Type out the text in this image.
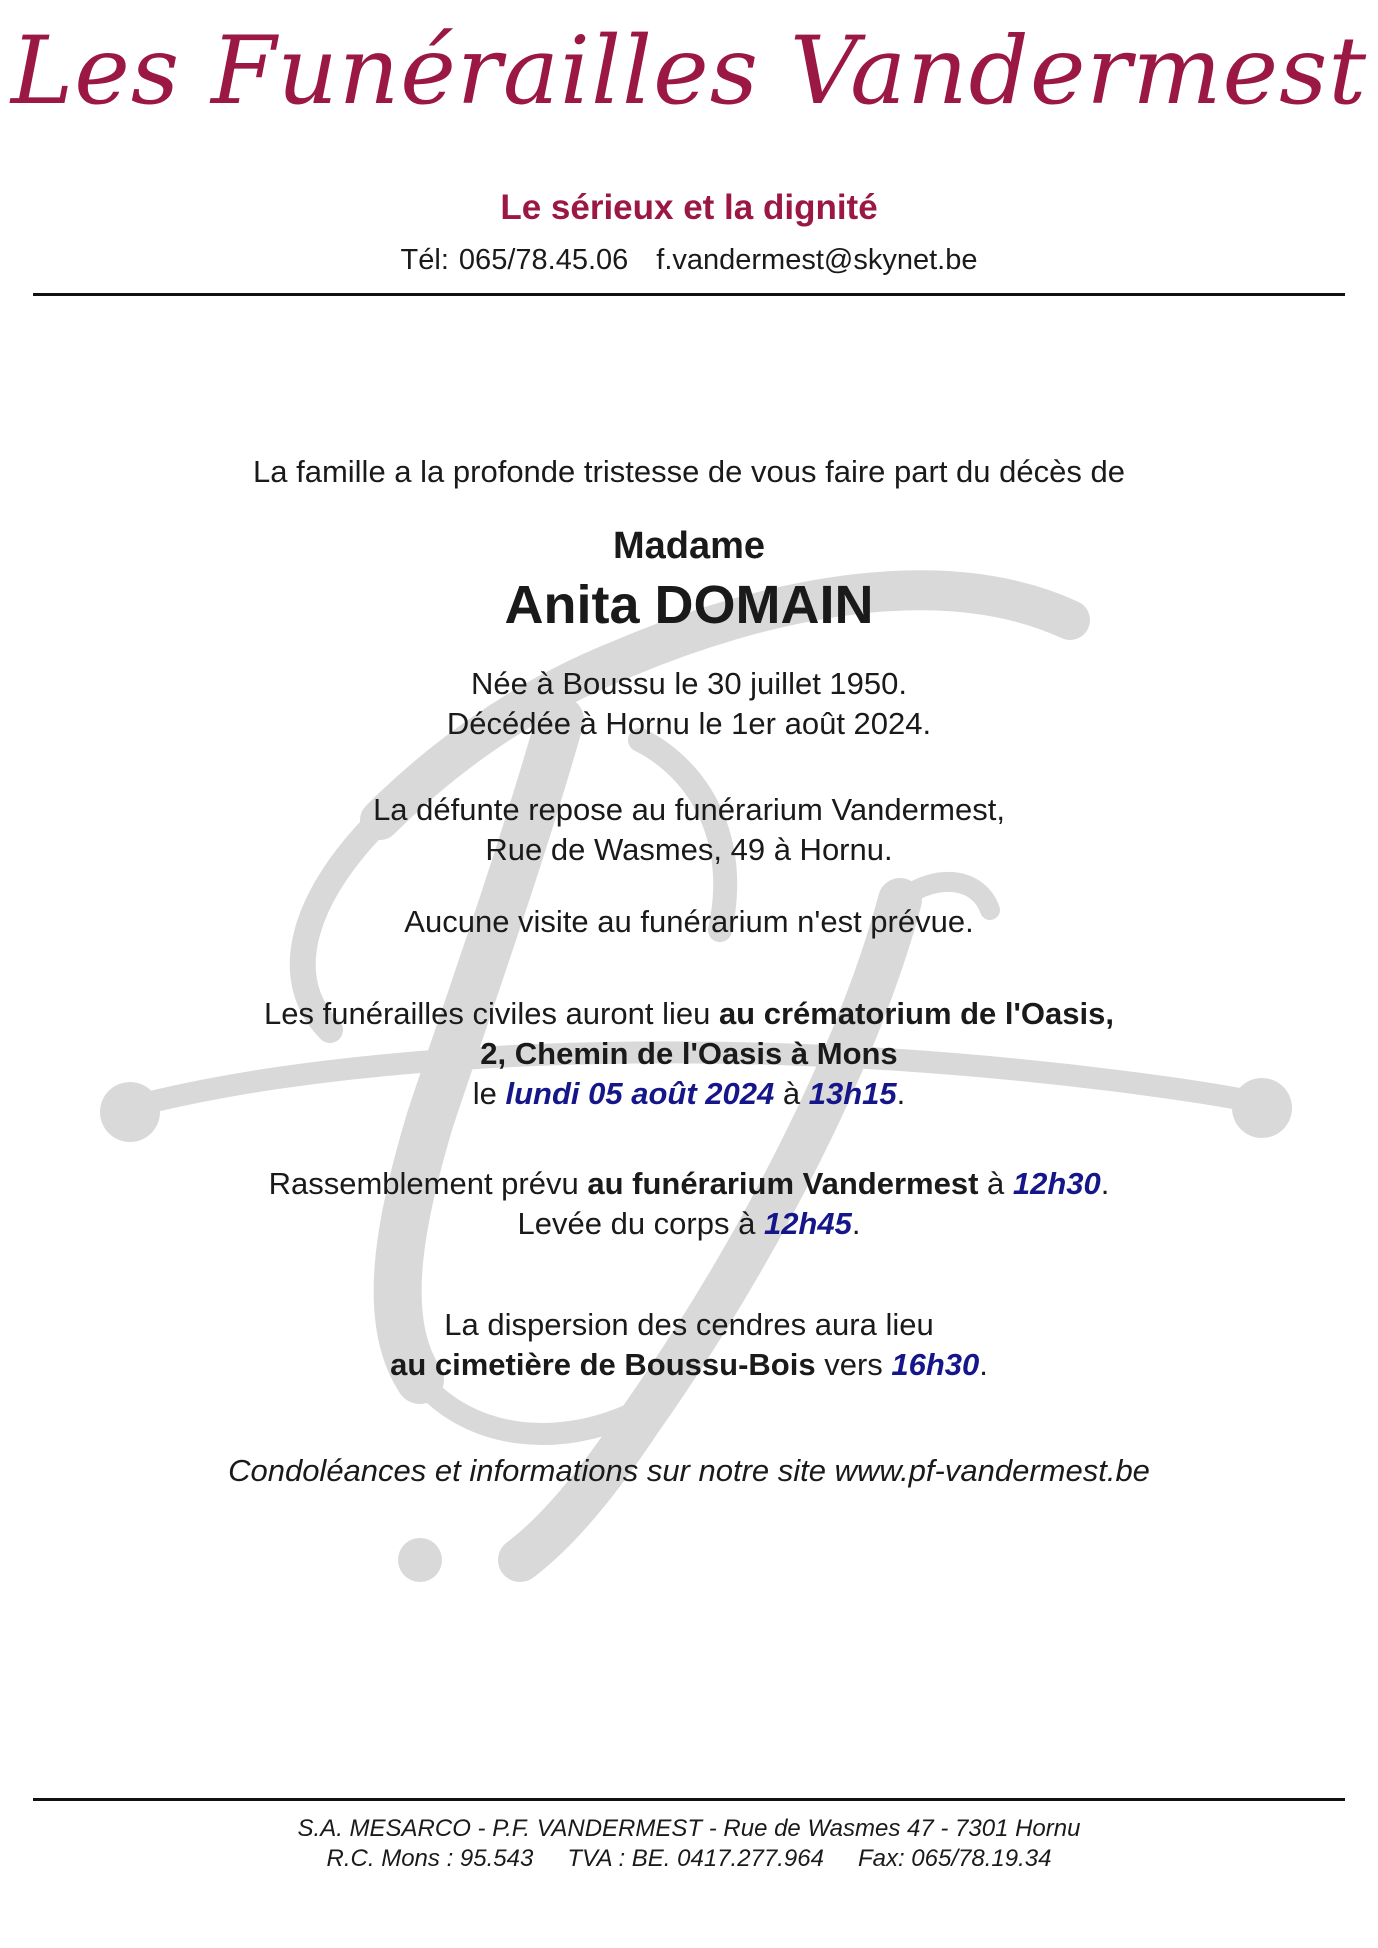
Les Funérailles Vandermest
Le sérieux et la dignité
Tél: 065/78.45.06 f.vandermest@skynet.be
La famille a la profonde tristesse de vous faire part du décès de
Madame
Anita DOMAIN
Née à Boussu le 30 juillet 1950.
Décédée à Hornu le 1er août 2024.
La défunte repose au funérarium Vandermest,
Rue de Wasmes, 49 à Hornu.
Aucune visite au funérarium n'est prévue.
Les funérailles civiles auront lieu au crématorium de l'Oasis,
2, Chemin de l'Oasis à Mons
le lundi 05 août 2024 à 13h15.
Rassemblement prévu au funérarium Vandermest à 12h30.
Levée du corps à 12h45.
La dispersion des cendres aura lieu
au cimetière de Boussu-Bois vers 16h30.
Condoléances et informations sur notre site www.pf-vandermest.be
S.A. MESARCO - P.F. VANDERMEST - Rue de Wasmes 47 - 7301 Hornu
R.C. Mons : 95.543 TVA : BE. 0417.277.964 Fax: 065/78.19.34
